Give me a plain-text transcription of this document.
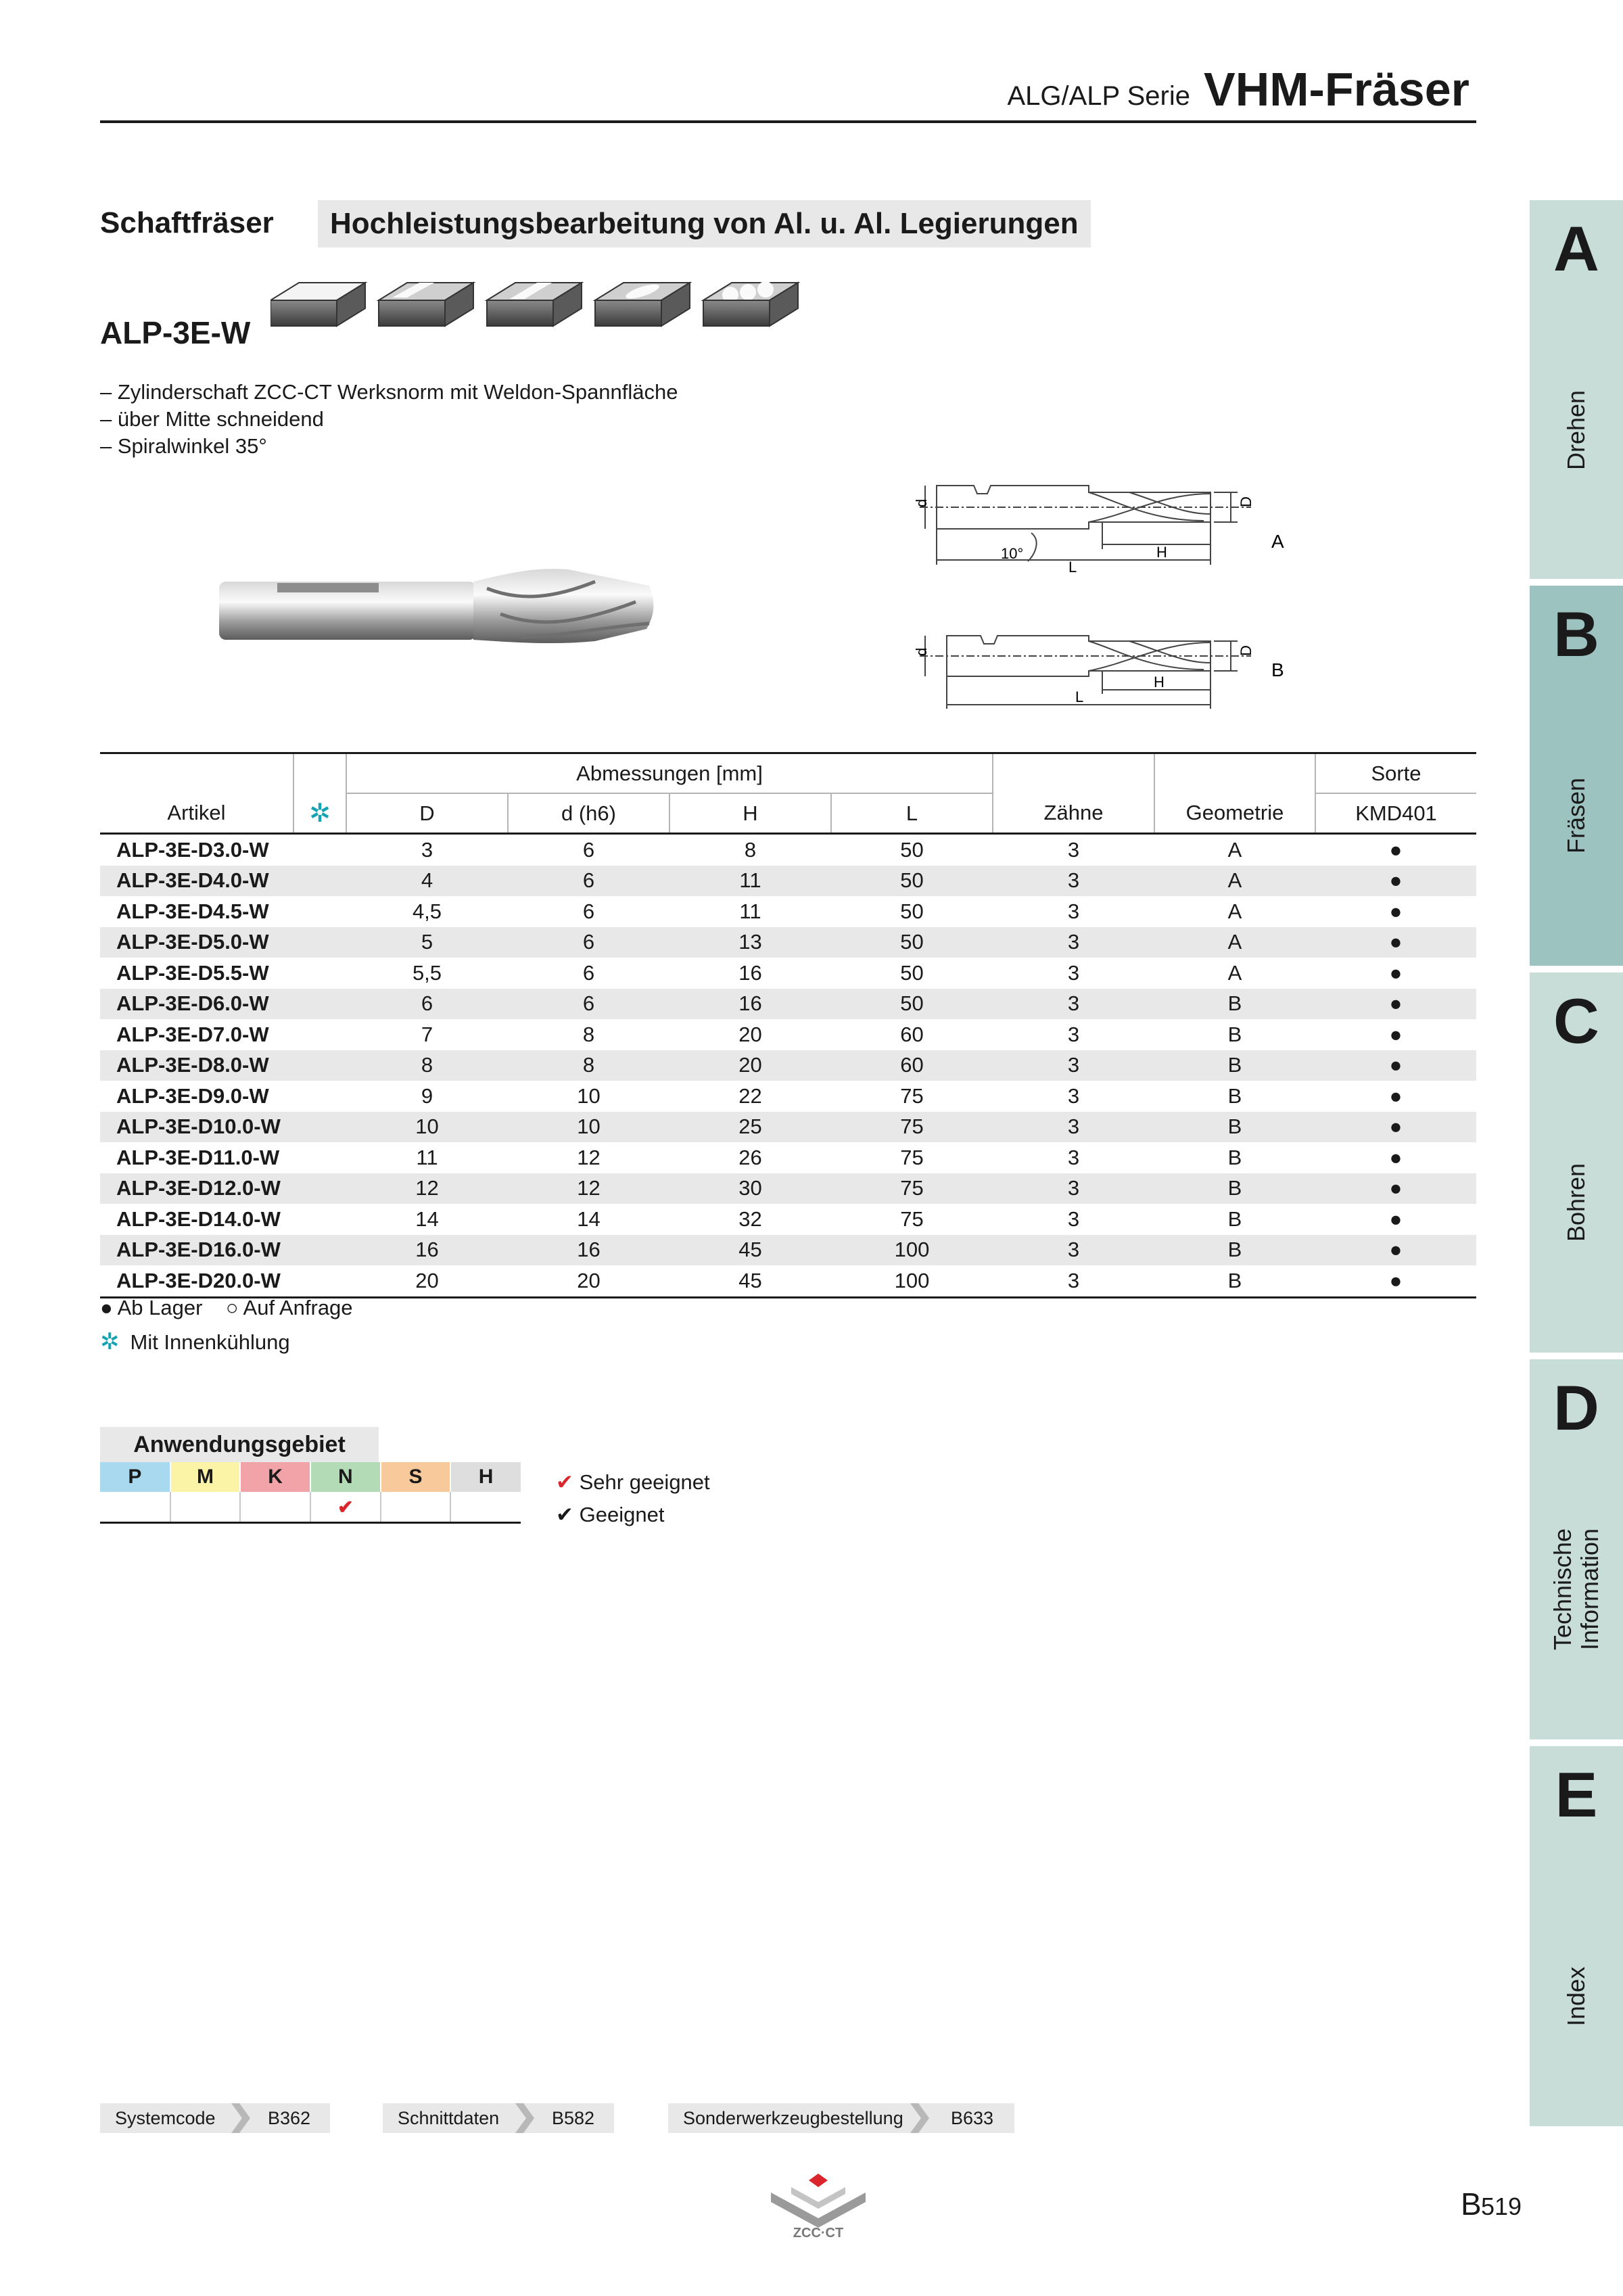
ALG/ALP Serie VHM-Fräser
Schaftfräser	Hochleistungsbearbeitung von Al. u. Al. Legierungen
ALP-3E-W
– Zylinderschaft ZCC-CT Werksnorm mit Weldon-Spannfläche
– über Mitte schneidend
– Spiralwinkel 35°
d	D
H
L
10°
A
d	D
H
L
B
		Abmessungen [mm]						Sorte
Artikel	✲	D	d (h6)	H	L	Zähne	Geometrie	KMD401
ALP-3E-D3.0-W		3	6	8	50	3	A	●
ALP-3E-D4.0-W		4	6	11	50	3	A	●
ALP-3E-D4.5-W		4,5	6	11	50	3	A	●
ALP-3E-D5.0-W		5	6	13	50	3	A	●
ALP-3E-D5.5-W		5,5	6	16	50	3	A	●
ALP-3E-D6.0-W		6	6	16	50	3	B	●
ALP-3E-D7.0-W		7	8	20	60	3	B	●
ALP-3E-D8.0-W		8	8	20	60	3	B	●
ALP-3E-D9.0-W		9	10	22	75	3	B	●
ALP-3E-D10.0-W		10	10	25	75	3	B	●
ALP-3E-D11.0-W		11	12	26	75	3	B	●
ALP-3E-D12.0-W		12	12	30	75	3	B	●
ALP-3E-D14.0-W		14	14	32	75	3	B	●
ALP-3E-D16.0-W		16	16	45	100	3	B	●
ALP-3E-D20.0-W		20	20	45	100	3	B	●
● Ab Lager ○ Auf Anfrage
✲ Mit Innenkühlung
Anwendungsgebiet
P	M	K	N	S	H
			✔		
✔ Sehr geeignet
✔ Geeignet
A
Drehen
B
Fräsen
C
Bohren
D
Technische
Information
E
Index
Systemcode	B362	Schnittdaten	B582	Sonderwerkzeugbestellung	B633
ZCC·CT
B 519
